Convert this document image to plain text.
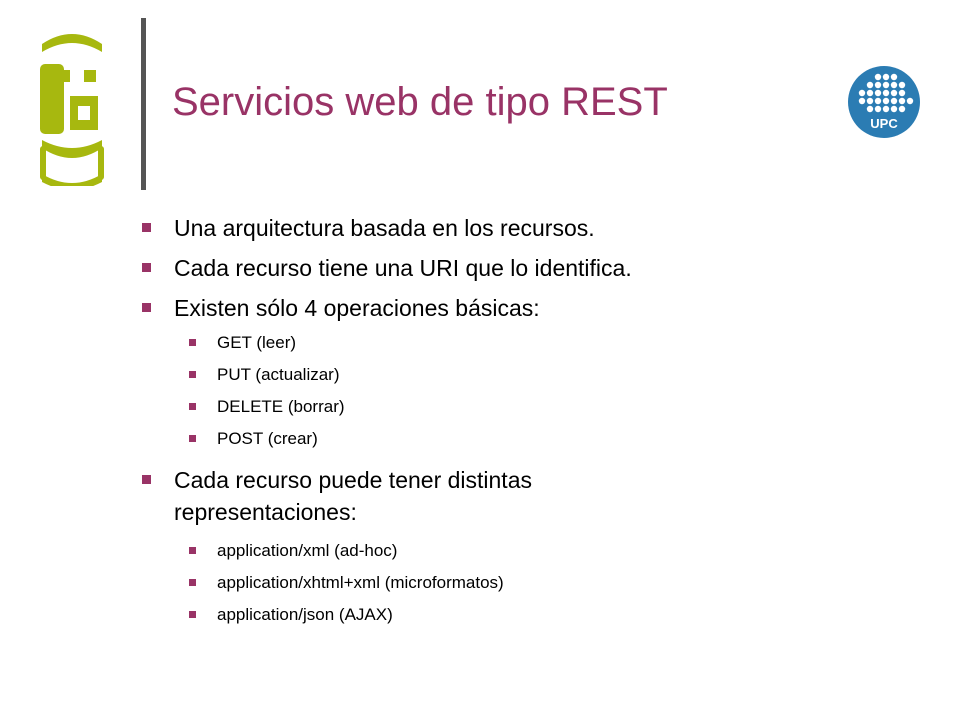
Servicios web de tipo REST	UPC
Una arquitectura basada en los recursos.
Cada recurso tiene una URI que lo identifica.
Existen sólo 4 operaciones básicas:
GET (leer)
PUT (actualizar)
DELETE (borrar)
POST (crear)
Cada recurso puede tener distintas
representaciones:
application/xml (ad-hoc)
application/xhtml+xml (microformatos)
application/json (AJAX)
